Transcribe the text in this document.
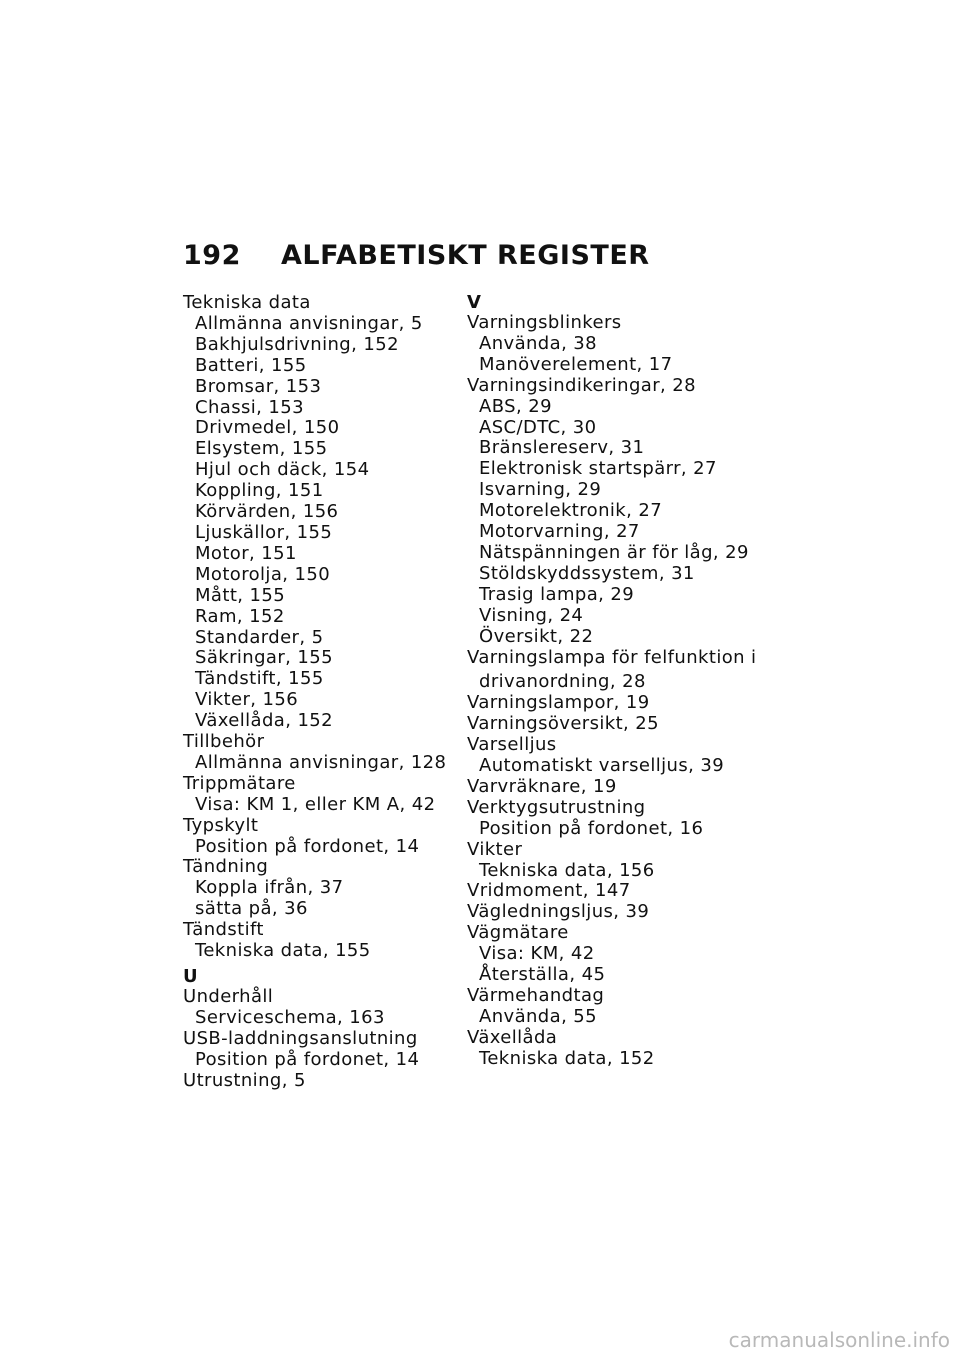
192 ALFABETISKT REGISTER
Tekniska data
Allmänna anvisningar, 5
Bakhjulsdrivning, 152
Batteri, 155
Bromsar, 153
Chassi, 153
Drivmedel, 150
Elsystem, 155
Hjul och däck, 154
Koppling, 151
Körvärden, 156
Ljuskällor, 155
Motor, 151
Motorolja, 150
Mått, 155
Ram, 152
Standarder, 5
Säkringar, 155
Tändstift, 155
Vikter, 156
Växellåda, 152
Tillbehör
Allmänna anvisningar, 128
Trippmätare
Visa: KM 1, eller KM A, 42
Typskylt
Position på fordonet, 14
Tändning
Koppla ifrån, 37
sätta på, 36
Tändstift
Tekniska data, 155
U
Underhåll
Serviceschema, 163
USB-laddningsanslutning
Position på fordonet, 14
Utrustning, 5
V
Varningsblinkers
Använda, 38
Manöverelement, 17
Varningsindikeringar, 28
ABS, 29
ASC/DTC, 30
Bränslereserv, 31
Elektronisk startspärr, 27
Isvarning, 29
Motorelektronik, 27
Motorvarning, 27
Nätspänningen är för låg, 29
Stöldskyddssystem, 31
Trasig lampa, 29
Visning, 24
Översikt, 22
Varningslampa för felfunktion i
drivanordning, 28
Varningslampor, 19
Varningsöversikt, 25
Varselljus
Automatiskt varselljus, 39
Varvräknare, 19
Verktygsutrustning
Position på fordonet, 16
Vikter
Tekniska data, 156
Vridmoment, 147
Vägledningsljus, 39
Vägmätare
Visa: KM, 42
Återställa, 45
Värmehandtag
Använda, 55
Växellåda
Tekniska data, 152
carmanualsonline.info
